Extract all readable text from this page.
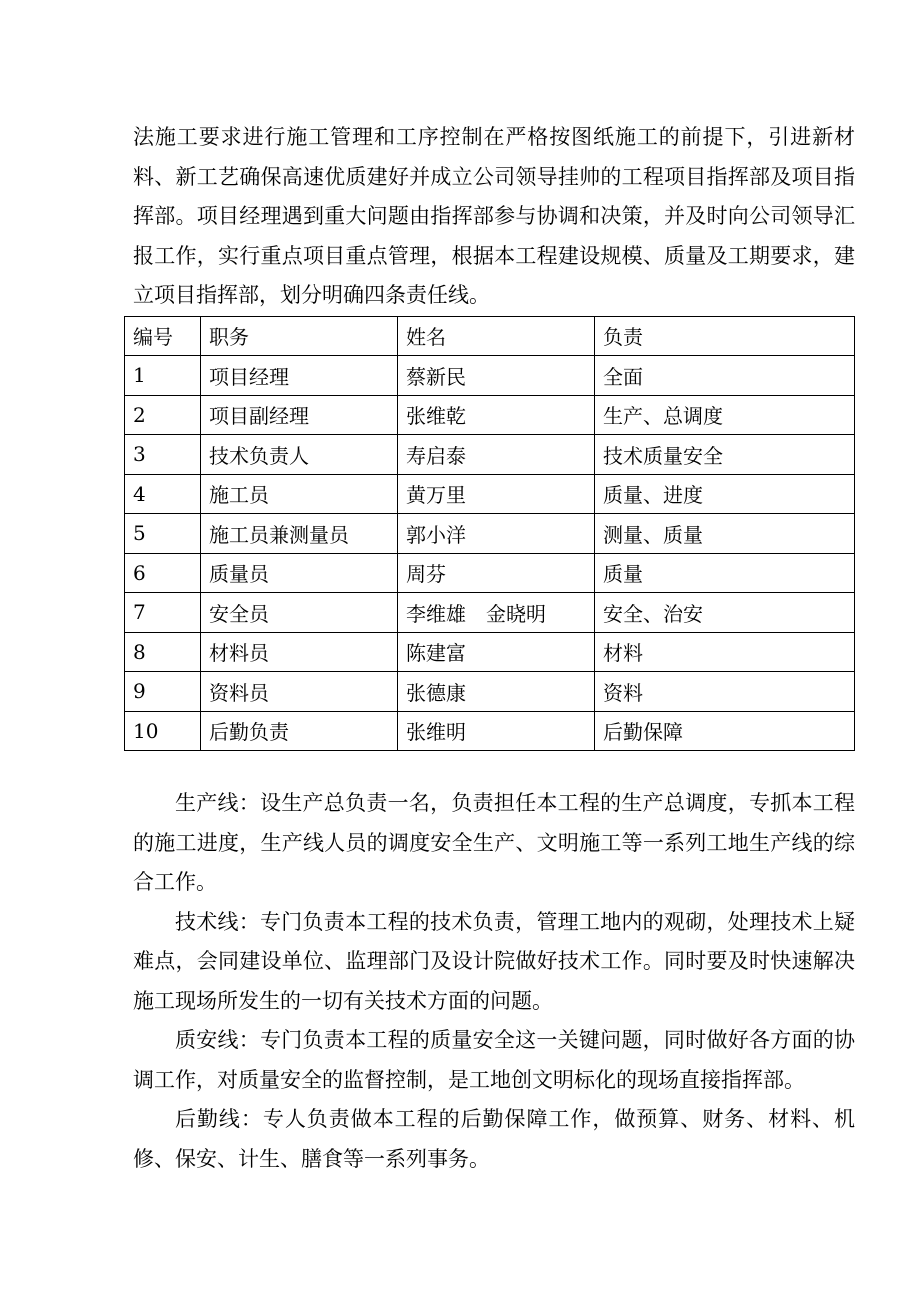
法施工要求进行施工管理和工序控制在严格按图纸施工的前提下，引进新材料、新工艺确保高速优质建好并成立公司领导挂帅的工程项目指挥部及项目指挥部。项目经理遇到重大问题由指挥部参与协调和决策，并及时向公司领导汇报工作，实行重点项目重点管理，根据本工程建设规模、质量及工期要求，建立项目指挥部，划分明确四条责任线。

编号	职务	姓名	负责
1	项目经理	蔡新民	全面
2	项目副经理	张维乾	生产、总调度
3	技术负责人	寿启泰	技术质量安全
4	施工员	黄万里	质量、进度
5	施工员兼测量员	郭小洋	测量、质量
6	质量员	周芬	质量
7	安全员	李维雄　金晓明	安全、治安
8	材料员	陈建富	材料
9	资料员	张德康	资料
10	后勤负责	张维明	后勤保障

生产线：设生产总负责一名，负责担任本工程的生产总调度，专抓本工程的施工进度，生产线人员的调度安全生产、文明施工等一系列工地生产线的综合工作。

技术线：专门负责本工程的技术负责，管理工地内的观砌，处理技术上疑难点，会同建设单位、监理部门及设计院做好技术工作。同时要及时快速解决施工现场所发生的一切有关技术方面的问题。

质安线：专门负责本工程的质量安全这一关键问题，同时做好各方面的协调工作，对质量安全的监督控制，是工地创文明标化的现场直接指挥部。

后勤线：专人负责做本工程的后勤保障工作，做预算、财务、材料、机修、保安、计生、膳食等一系列事务。
